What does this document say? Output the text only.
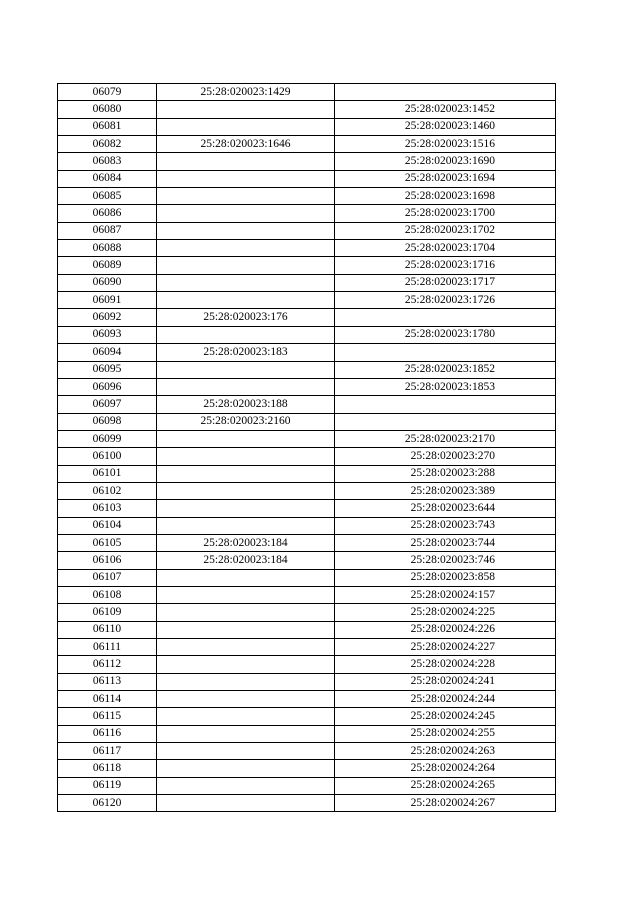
06079	25:28:020023:1429	
06080		25:28:020023:1452
06081		25:28:020023:1460
06082	25:28:020023:1646	25:28:020023:1516
06083		25:28:020023:1690
06084		25:28:020023:1694
06085		25:28:020023:1698
06086		25:28:020023:1700
06087		25:28:020023:1702
06088		25:28:020023:1704
06089		25:28:020023:1716
06090		25:28:020023:1717
06091		25:28:020023:1726
06092	25:28:020023:176	
06093		25:28:020023:1780
06094	25:28:020023:183	
06095		25:28:020023:1852
06096		25:28:020023:1853
06097	25:28:020023:188	
06098	25:28:020023:2160	
06099		25:28:020023:2170
06100		25:28:020023:270
06101		25:28:020023:288
06102		25:28:020023:389
06103		25:28:020023:644
06104		25:28:020023:743
06105	25:28:020023:184	25:28:020023:744
06106	25:28:020023:184	25:28:020023:746
06107		25:28:020023:858
06108		25:28:020024:157
06109		25:28:020024:225
06110		25:28:020024:226
06111		25:28:020024:227
06112		25:28:020024:228
06113		25:28:020024:241
06114		25:28:020024:244
06115		25:28:020024:245
06116		25:28:020024:255
06117		25:28:020024:263
06118		25:28:020024:264
06119		25:28:020024:265
06120		25:28:020024:267
